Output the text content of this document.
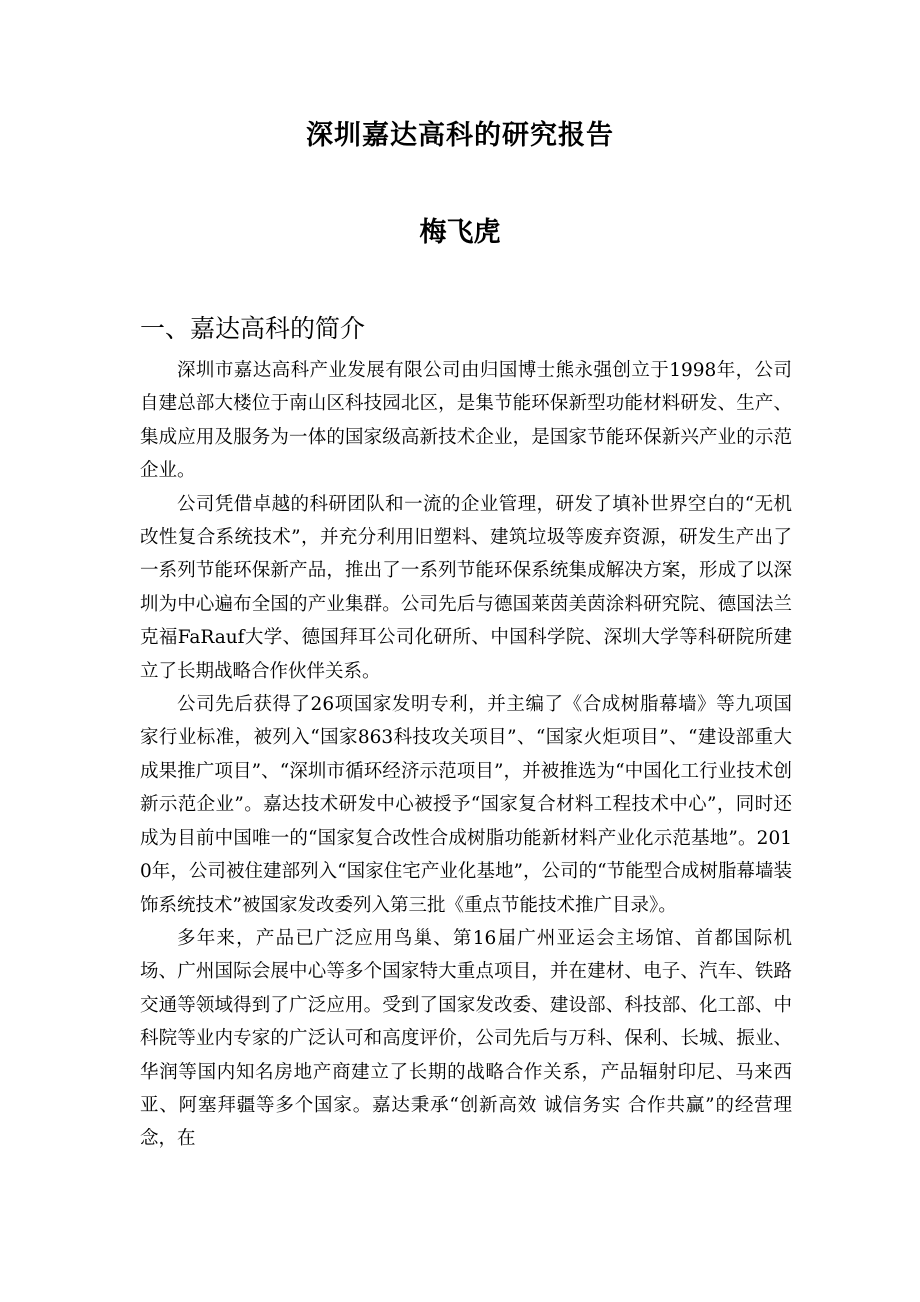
深圳嘉达高科的研究报告
梅飞虎
一、嘉达高科的简介

深圳市嘉达高科产业发展有限公司由归国博士熊永强创立于1998年，公司自建总部大楼位于南山区科技园北区，是集节能环保新型功能材料研发、生产、集成应用及服务为一体的国家级高新技术企业，是国家节能环保新兴产业的示范企业。

公司凭借卓越的科研团队和一流的企业管理，研发了填补世界空白的“无机改性复合系统技术”，并充分利用旧塑料、建筑垃圾等废弃资源，研发生产出了一系列节能环保新产品，推出了一系列节能环保系统集成解决方案，形成了以深圳为中心遍布全国的产业集群。公司先后与德国莱茵美茵涂料研究院、德国法兰克福FaRauf大学、德国拜耳公司化研所、中国科学院、深圳大学等科研院所建立了长期战略合作伙伴关系。

公司先后获得了26项国家发明专利，并主编了《合成树脂幕墙》等九项国家行业标准，被列入“国家863科技攻关项目”、“国家火炬项目”、“建设部重大成果推广项目”、“深圳市循环经济示范项目”，并被推选为“中国化工行业技术创新示范企业”。嘉达技术研发中心被授予“国家复合材料工程技术中心”，同时还成为目前中国唯一的“国家复合改性合成树脂功能新材料产业化示范基地”。2010年，公司被住建部列入“国家住宅产业化基地”，公司的“节能型合成树脂幕墙装饰系统技术”被国家发改委列入第三批《重点节能技术推广目录》。

多年来，产品已广泛应用鸟巢、第16届广州亚运会主场馆、首都国际机场、广州国际会展中心等多个国家特大重点项目，并在建材、电子、汽车、铁路交通等领域得到了广泛应用。受到了国家发改委、建设部、科技部、化工部、中科院等业内专家的广泛认可和高度评价，公司先后与万科、保利、长城、振业、华润等国内知名房地产商建立了长期的战略合作关系，产品辐射印尼、马来西亚、阿塞拜疆等多个国家。嘉达秉承“创新高效 诚信务实 合作共赢”的经营理念，在
